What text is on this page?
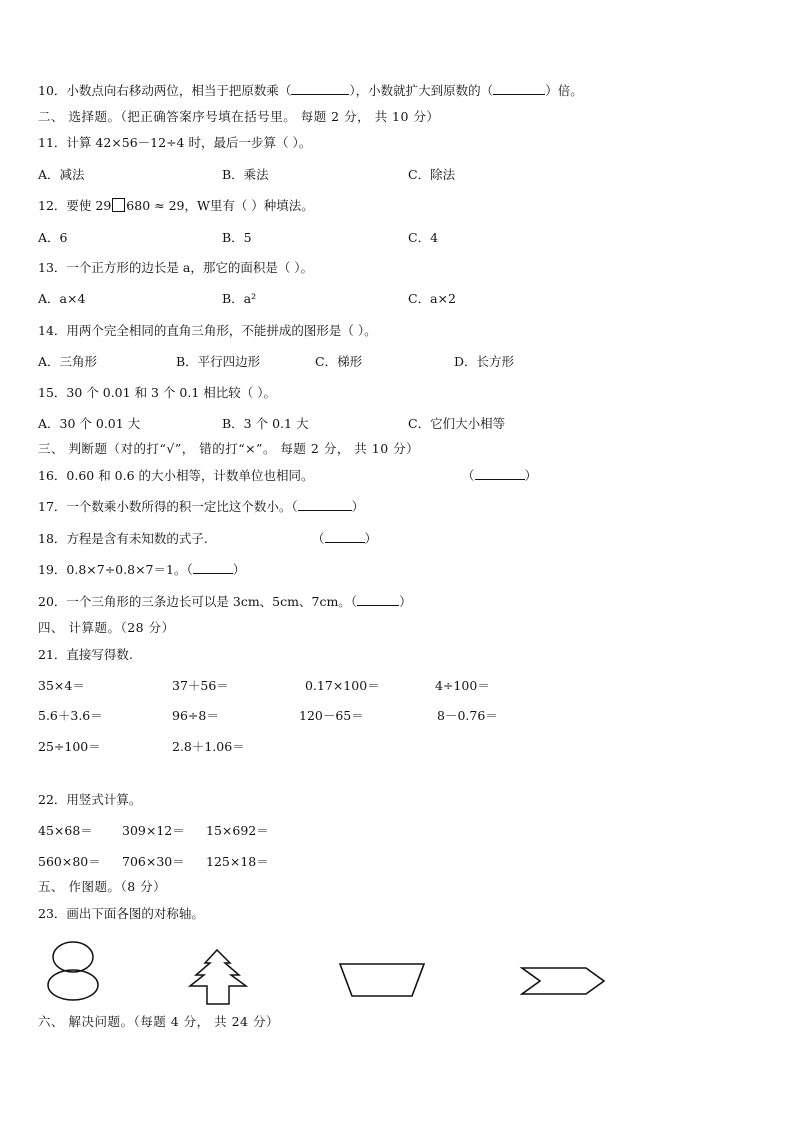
10．小数点向右移动两位，相当于把原数乘（	），小数就扩大到原数的（	）倍。
二、 选择题。（把正确答案序号填在括号里。 每题 2 分， 共 10 分）
11．计算 42×56－12÷4 时，最后一步算（ ）。
A．减法	B．乘法	C．除法
12．要使 29 680 ≈ 29，W里有（ ）种填法。
A．6	B．5	C．4
13．一个正方形的边长是 a，那它的面积是（ ）。
A．a×4	B．a²	C．a×2
14．用两个完全相同的直角三角形，不能拼成的图形是（ ）。
A．三角形	B．平行四边形	C．梯形	D．长方形
15．30 个 0.01 和 3 个 0.1 相比较（ ）。
A．30 个 0.01 大	B．3 个 0.1 大	C．它们大小相等
三、 判断题（对的打“√”， 错的打“×”。 每题 2 分， 共 10 分）
16．0.60 和 0.6 的大小相等，计数单位也相同。	（	）
17．一个数乘小数所得的积一定比这个数小。（	）
18．方程是含有未知数的式子.	（	）
19．0.8×7÷0.8×7＝1。（	）
20．一个三角形的三条边长可以是 3cm、5cm、7cm。（	）
四、 计算题。（28 分）
21．直接写得数.
35×4＝	37＋56＝	0.17×100＝	4÷100＝
5.6＋3.6＝	96÷8＝	120－65＝	8－0.76＝
25÷100＝	2.8＋1.06＝
22．用竖式计算。
45×68＝ 309×12＝ 15×692＝
560×80＝ 706×30＝ 125×18＝
五、 作图题。（8 分）
23．画出下面各图的对称轴。
六、 解决问题。（每题 4 分， 共 24 分）
